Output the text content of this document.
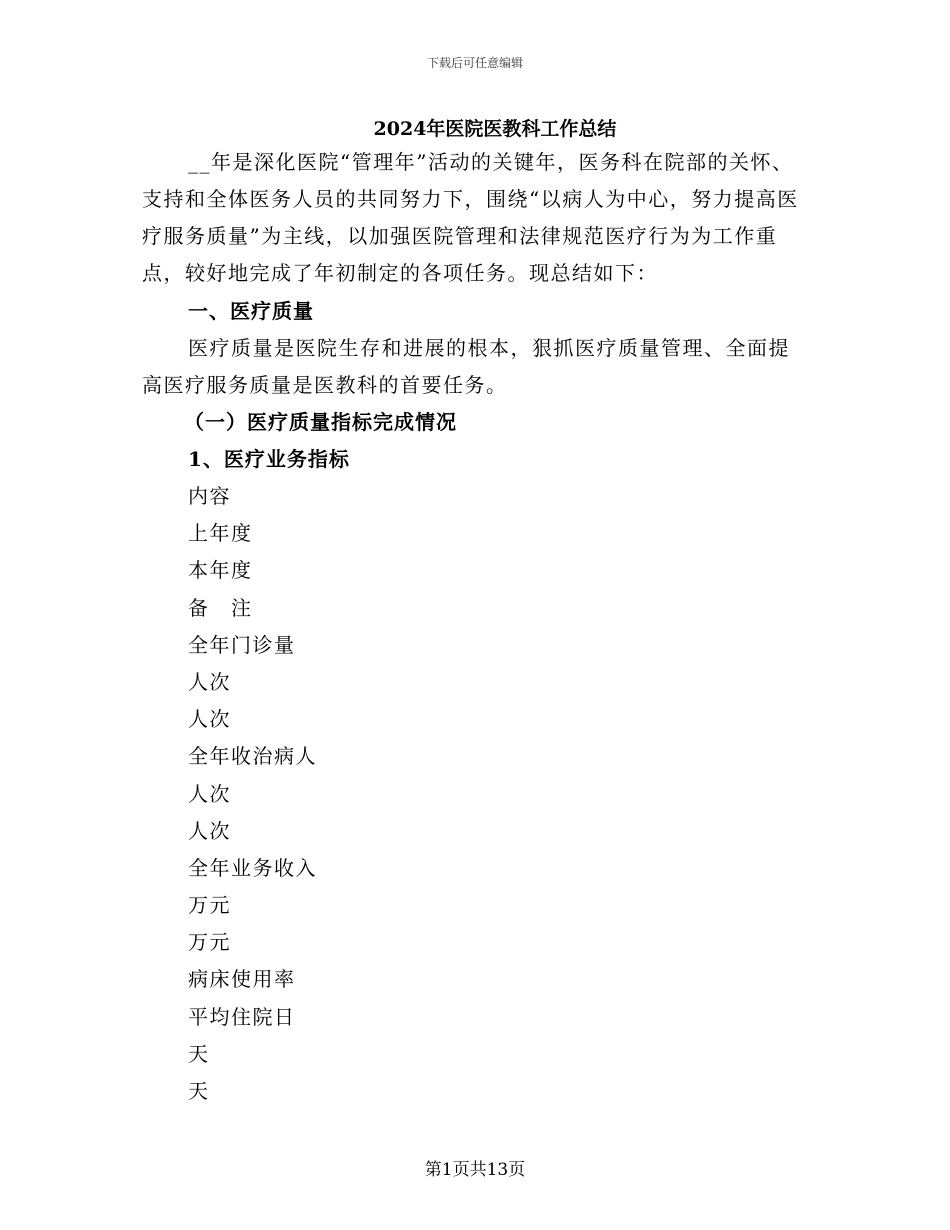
下载后可任意编辑
2024年医院医教科工作总结

__年是深化医院“管理年”活动的关键年，医务科在院部的关怀、支持和全体医务人员的共同努力下，围绕“以病人为中心，努力提高医疗服务质量”为主线，以加强医院管理和法律规范医疗行为为工作重点，较好地完成了年初制定的各项任务。现总结如下：

一、医疗质量

医疗质量是医院生存和进展的根本，狠抓医疗质量管理、全面提高医疗服务质量是医教科的首要任务。

（一）医疗质量指标完成情况
1、医疗业务指标
内容
上年度
本年度
备　注
全年门诊量
人次
人次
全年收治病人
人次
人次
全年业务收入
万元
万元
病床使用率
平均住院日
天
天
第1页共13页
